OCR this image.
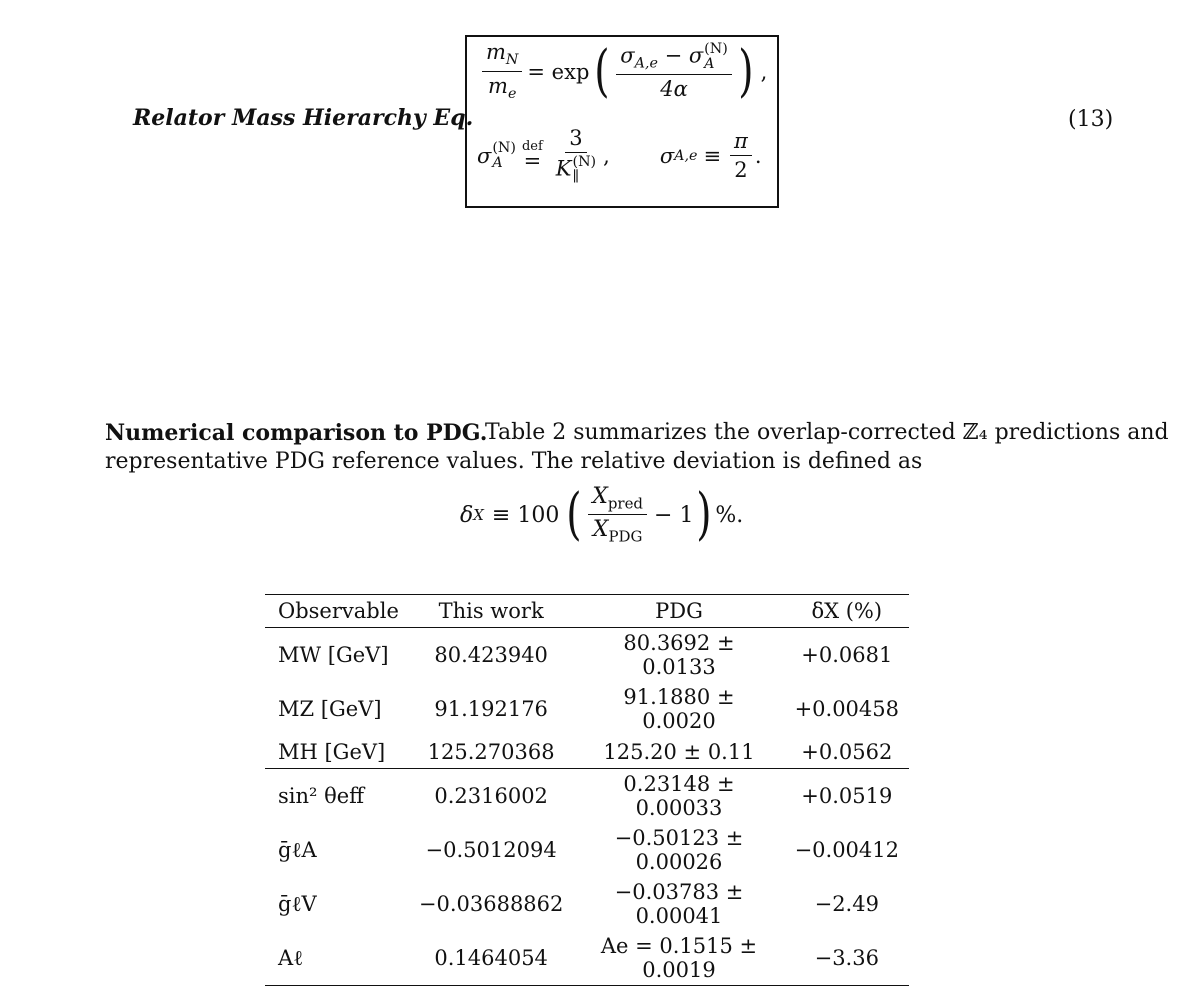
Relator Mass Hierarchy Eq.
$\frac{m_N}{m_e} = \exp$ ( $\sigma_{A,e} - \sigma$ (N)
A
4α ) ,
σ (N)
A
def
= 3
K (N)
∥ , σ $A,e \equiv \frac{\pi}{2}$ .
(13)
Numerical comparison to PDG.
Table 2 summarizes the overlap-corrected ℤ₄ predictions and
representative PDG reference values. The relative deviation is defined as
δ X ≡ 100 ( $\frac{X_{pred}}{X_{PDG}} - 1$ ) %.
Observable	This work	PDG	δX (%)
MW [GeV]	80.423940	80.3692 ± 0.0133	+0.0681
MZ [GeV]	91.192176	91.1880 ± 0.0020	+0.00458
MH [GeV]	125.270368	125.20 ± 0.11	+0.0562
sin² θeff	0.2316002	0.23148 ± 0.00033	+0.0519
ḡℓA	−0.5012094	−0.50123 ± 0.00026	−0.00412
ḡℓV	−0.03688862	−0.03783 ± 0.00041	−2.49
Aℓ	0.1464054	Ae = 0.1515 ± 0.0019	−3.36
